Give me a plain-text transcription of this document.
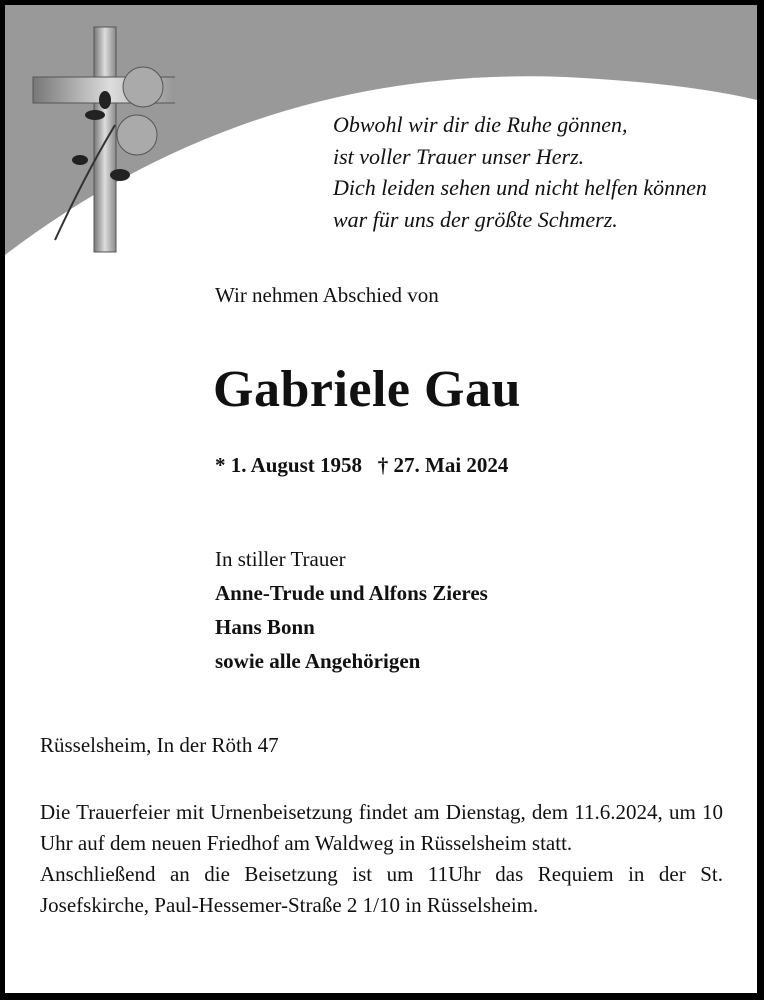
Obwohl wir dir die Ruhe gönnen,
ist voller Trauer unser Herz.
Dich leiden sehen und nicht helfen können
war für uns der größte Schmerz.
Wir nehmen Abschied von
Gabriele Gau
* 1. August 1958   † 27. Mai 2024
In stiller Trauer
Anne-Trude und Alfons Zieres
Hans Bonn
sowie alle Angehörigen
Rüsselsheim, In der Röth 47

Die Trauerfeier mit Urnenbeisetzung findet am Dienstag, dem 11.6.2024, um 10 Uhr auf dem neuen Friedhof am Waldweg in Rüsselsheim statt.

Anschließend an die Beisetzung ist um 11Uhr das Requiem in der St. Josefskirche, Paul-Hessemer-Straße 2 1/10 in Rüsselsheim.
